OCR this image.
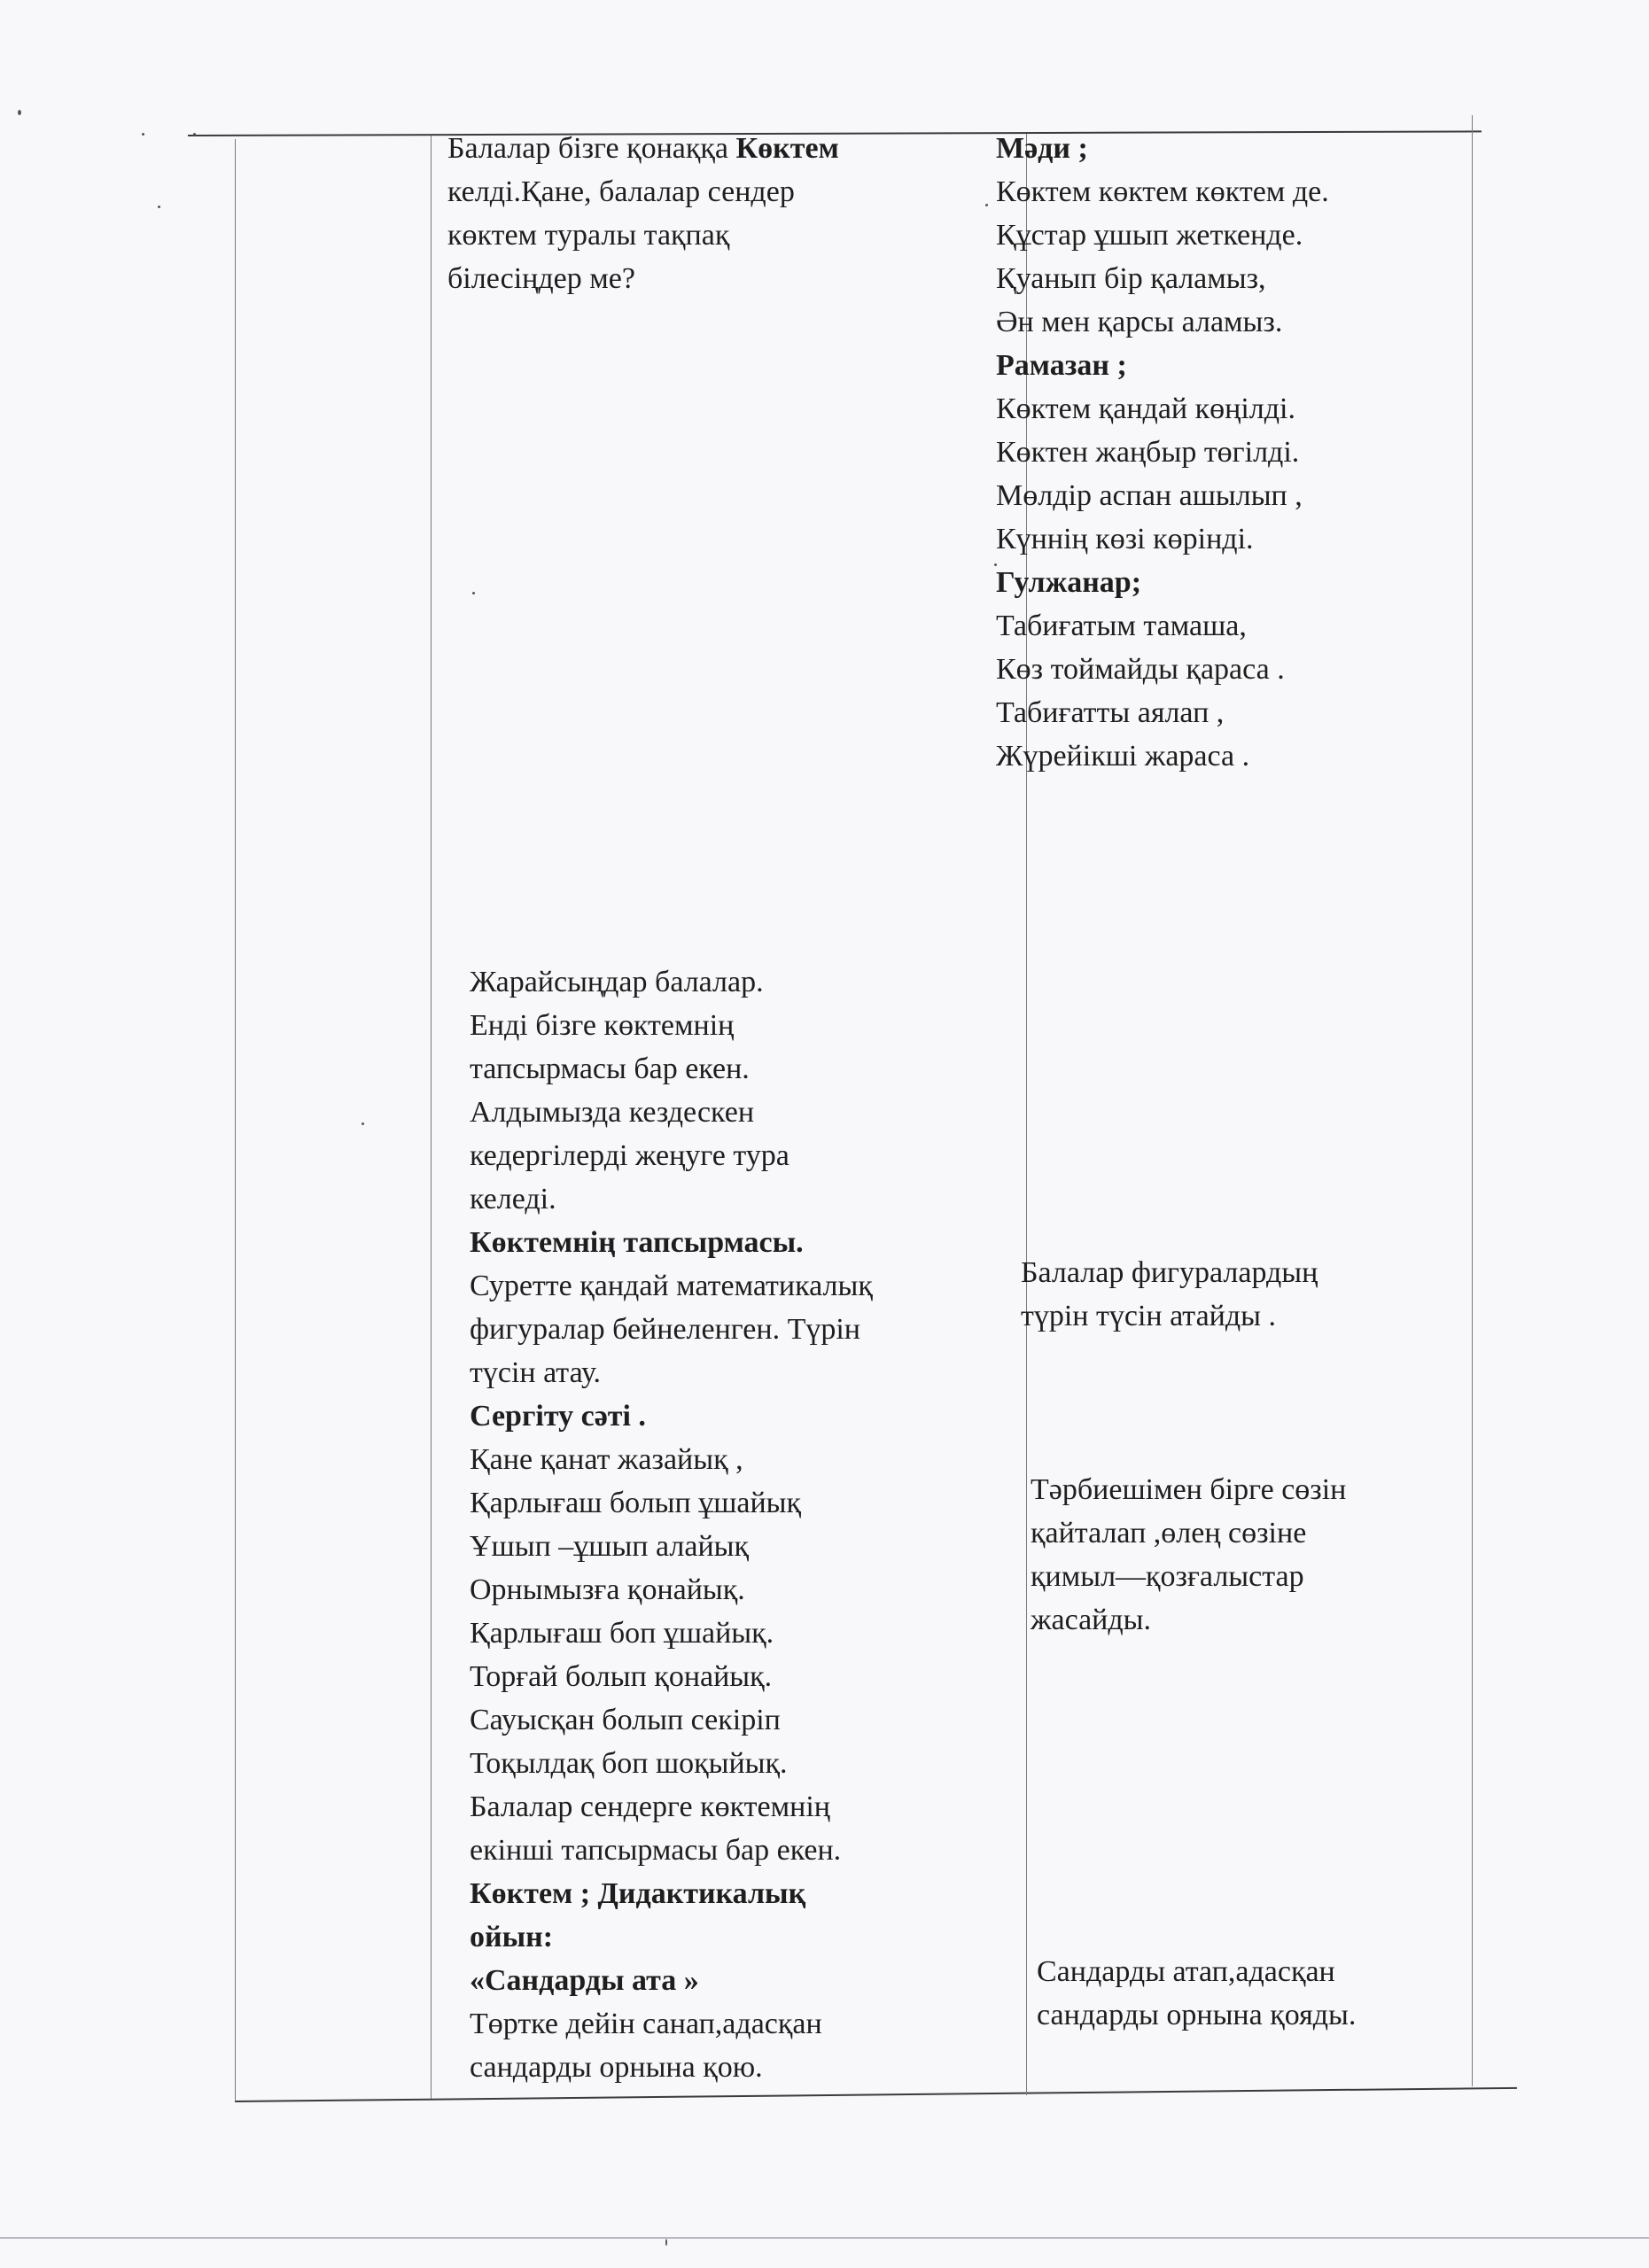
Балалар бізге қонаққа Көктем
келді.Қане, балалар сендер
көктем туралы тақпақ
білесіңдер ме?
Мәди ;
Көктем көктем көктем де.
Құстар ұшып жеткенде.
Қуанып бір қаламыз,
Ән мен қарсы аламыз.
Рамазан ;
Көктем қандай көңілді.
Көктен жаңбыр төгілді.
Мөлдір аспан ашылып ,
Күннің көзі көрінді.
Гулжанар;
Табиғатым тамаша,
Көз тоймайды қараса .
Табиғатты аялап ,
Жүрейікші жараса .
Жарайсыңдар балалар.
Енді бізге көктемнің
тапсырмасы бар екен.
Алдымызда кездескен
кедергілерді жеңуге тура
келеді.
Көктемнің тапсырмасы.
Суретте қандай математикалық
фигуралар бейнеленген. Түрін
түсін атау.
Сергіту сәті .
Қане қанат жазайық ,
Қарлығаш болып ұшайық
Ұшып –ұшып алайық
Орнымызға қонайық.
Қарлығаш боп ұшайық.
Торғай болып қонайық.
Сауысқан болып секіріп
Тоқылдақ боп шоқыйық.
Балалар сендерге көктемнің
екінші тапсырмасы бар екен.
Көктем ; Дидактикалық
ойын:
«Сандарды ата »
Төртке дейін санап,адасқан
сандарды орнына қою.
Балалар фигуралардың
түрін түсін атайды .
Тәрбиешімен бірге сөзін
қайталап ,өлең сөзіне
қимыл—қозғалыстар
жасайды.
Сандарды атап,адасқан
сандарды орнына қояды.
